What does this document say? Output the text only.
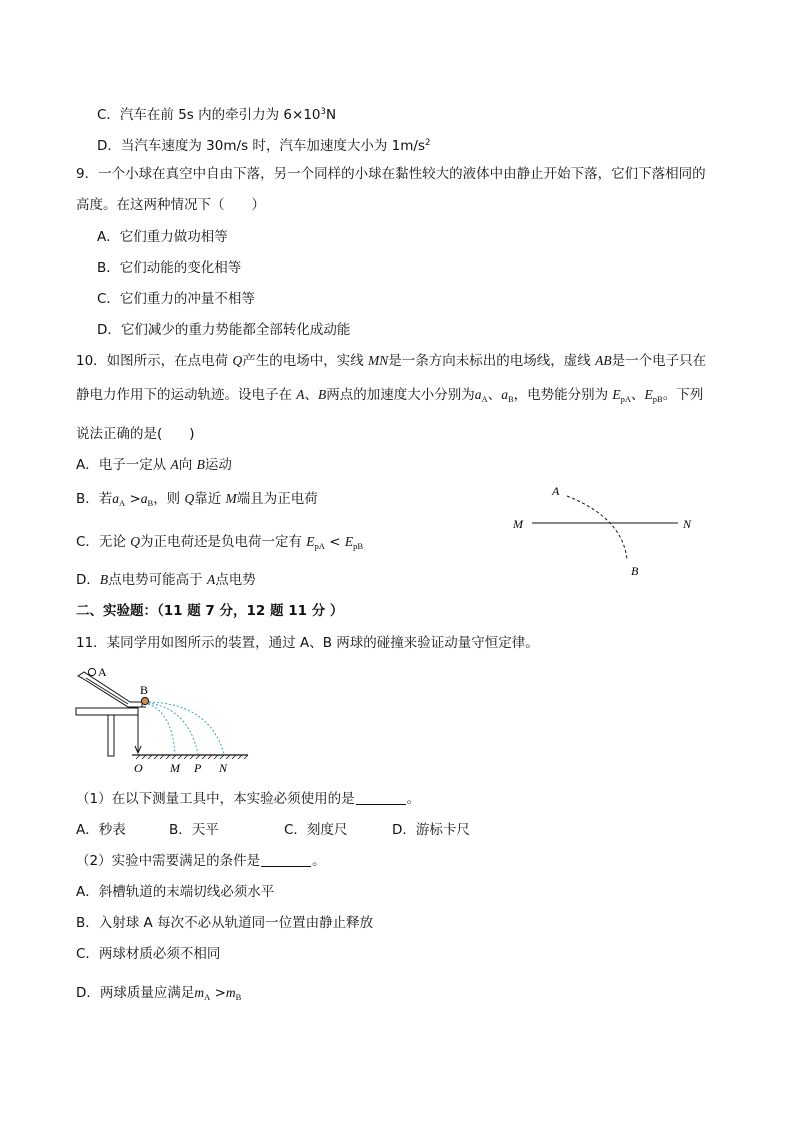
C．汽车在前 5s 内的牵引力为 $6\times 10^3N$
D．当汽车速度为 30m/s 时，汽车加速度大小为 $1m/s^2$
9．一个小球在真空中自由下落，另一个同样的小球在黏性较大的液体中由静止开始下落，它们下落相同的
高度。在这两种情况下（　　）
A．它们重力做功相等
B．它们动能的变化相等
C．它们重力的冲量不相等
D．它们减少的重力势能都全部转化成动能
10．如图所示，在点电荷 Q产生的电场中，实线 MN是一条方向未标出的电场线，虚线 AB是一个电子只在
静电力作用下的运动轨迹。设电子在 A、B两点的加速度大小分别为$a_A$、$a_B$，电势能分别为 $E_{pA}$、$E_{pB}$。下列
说法正确的是(　　)
A．电子一定从 A向 B运动
B．若$a_A >a_B$，则 Q靠近 M端且为正电荷
C．无论 Q为正电荷还是负电荷一定有 $E_{pA} < E_{pB}$
D．B点电势可能高于 A点电势
A
M	N
B
二、实验题：（11 题 7 分，12 题 11 分 ）
11．某同学用如图所示的装置，通过 A、B 两球的碰撞来验证动量守恒定律。
A
B
O M P N
（1）在以下测量工具中，本实验必须使用的是	。
A．秒表	B．天平	C．刻度尺	D．游标卡尺
（2）实验中需要满足的条件是	。
A．斜槽轨道的末端切线必须水平
B．入射球 A 每次不必从轨道同一位置由静止释放
C．两球材质必须不相同
D．两球质量应满足$m_A >m_B$
